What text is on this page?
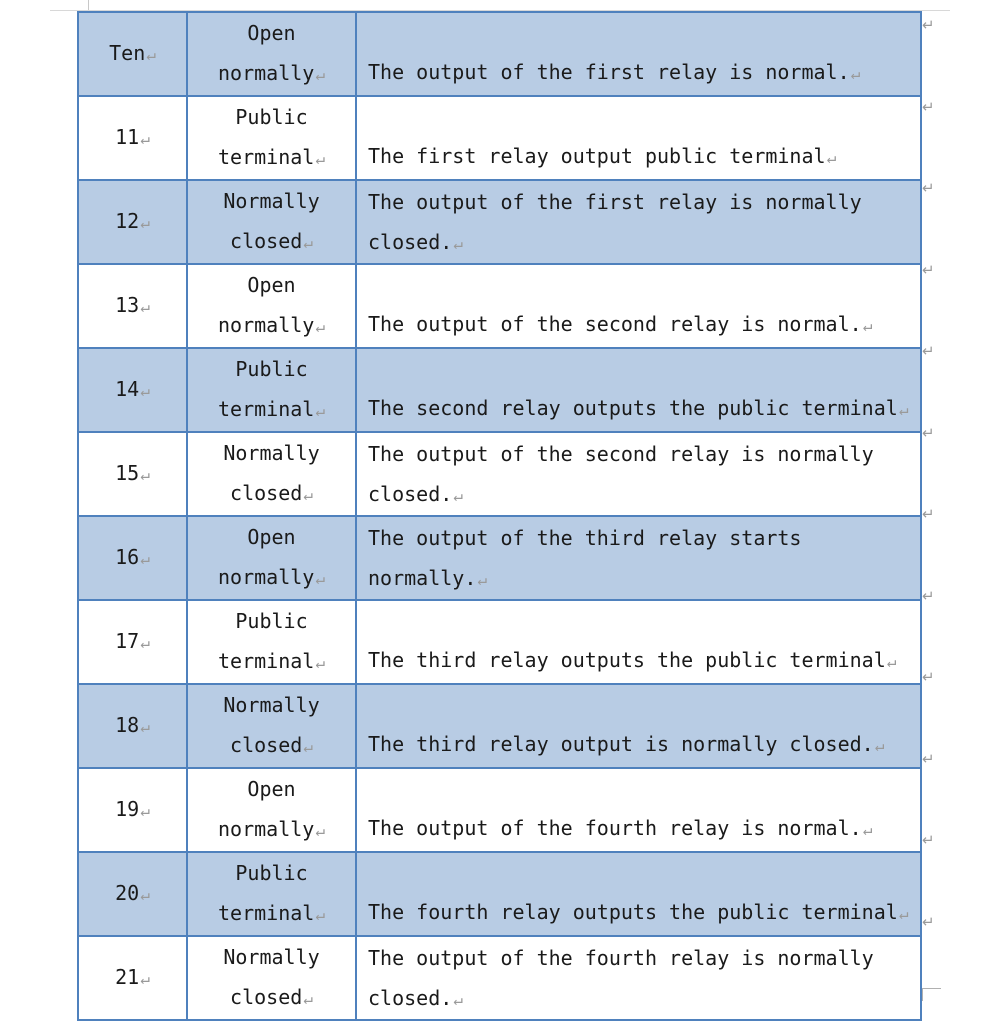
Ten↵	Open
normally↵	The output of the first relay is normal.↵

11↵	Public
terminal↵	The first relay output public terminal↵

12↵	Normally
closed↵	The output of the first relay is normally
closed.↵

13↵	Open
normally↵	The output of the second relay is normal.↵

14↵	Public
terminal↵	The second relay outputs the public terminal↵

15↵	Normally
closed↵	The output of the second relay is normally
closed.↵

16↵	Open
normally↵	The output of the third relay starts
normally.↵

17↵	Public
terminal↵	The third relay outputs the public terminal↵

18↵	Normally
closed↵	The third relay output is normally closed.↵

19↵	Open
normally↵	The output of the fourth relay is normal.↵

20↵	Public
terminal↵	The fourth relay outputs the public terminal↵

21↵	Normally
closed↵	The output of the fourth relay is normally
closed.↵
↵
↵
↵
↵
↵
↵
↵
↵
↵
↵
↵
↵
